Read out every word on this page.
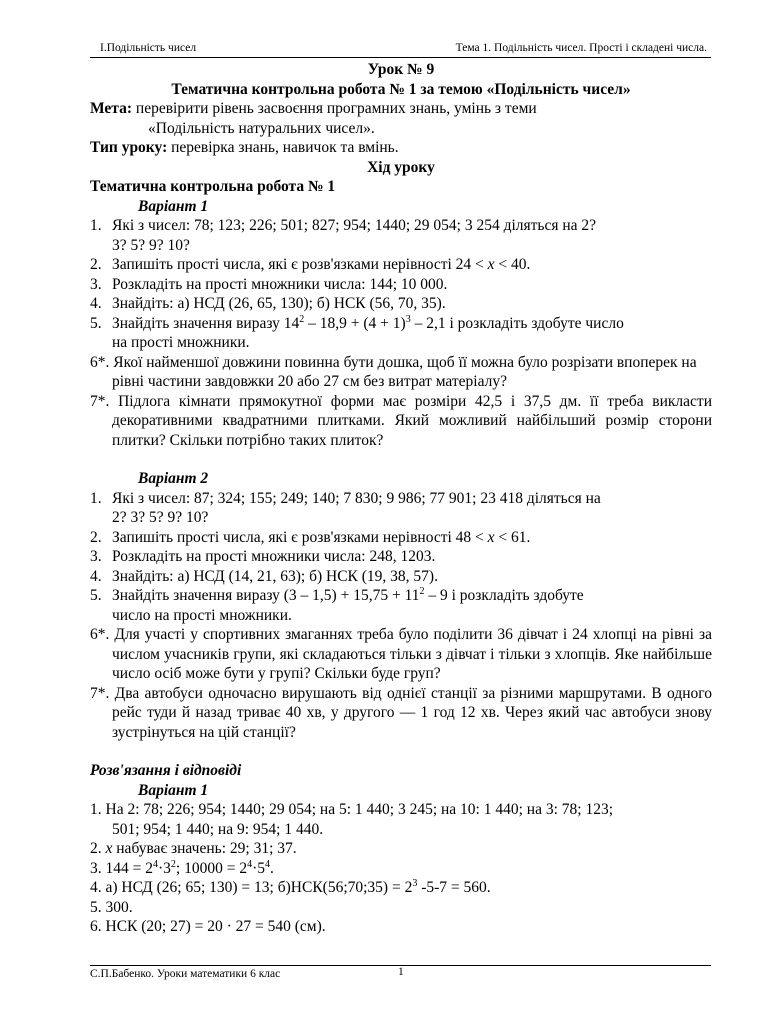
І.Подільність чисел	Тема 1. Подільність чисел. Прості і складені числа.

Урок № 9

Тематична контрольна робота № 1 за темою «Подільність чисел»

Мета: перевірити рівень засвоєння програмних знань, умінь з теми

«Подільність натуральних чисел».

Тип уроку: перевірка знань, навичок та вмінь.

Хід уроку

Тематична контрольна робота № 1

Варіант 1

1. Які з чисел: 78; 123; 226; 501; 827; 954; 1440; 29 054; 3 254 діляться на 2?
3? 5? 9? 10?
2. Запишіть прості числа, які є розв'язками нерівності 24 < x < 40.
3. Розкладіть на прості множники числа: 144; 10 000.
4. Знайдіть: а) НСД (26, 65, 130); б) НСК (56, 70, 35).
5. Знайдіть значення виразу $14^2 - 18,9 + (4 + 1)^3 - 2,1$ і розкладіть здобуте число
на прості множники.

6*. Якої найменшої довжини повинна бути дошка, щоб її можна було розрізати впоперек на рівні частини завдовжки 20 або 27 см без витрат матеріалу?

7*. Підлога кімнати прямокутної форми має розміри 42,5 і 37,5 дм. її треба викласти декоративними квадратними плитками. Який можливий найбільший розмір сторони плитки? Скільки потрібно таких плиток?

Варіант 2

1. Які з чисел: 87; 324; 155; 249; 140; 7 830; 9 986; 77 901; 23 418 діляться на
2? 3? 5? 9? 10?
2. Запишіть прості числа, які є розв'язками нерівності 48 < x < 61.
3. Розкладіть на прості множники числа: 248, 1203.
4. Знайдіть: а) НСД (14, 21, 63); б) НСК (19, 38, 57).
5. Знайдіть значення виразу $(3 - 1,5) + 15,75 + 11^2 - 9$ і розкладіть здобуте
число на прості множники.

6*. Для участі у спортивних змаганнях треба було поділити 36 дівчат і 24 хлопці на рівні за числом учасників групи, які складаються тільки з дівчат і тільки з хлопців. Яке найбільше число осіб може бути у групі? Скільки буде груп?

7*. Два автобуси одночасно вирушають від однієї станції за різними маршрутами. В одного рейс туди й назад триває 40 хв, у другого — 1 год 12 хв. Через який час автобуси знову зустрінуться на цій станції?

Розв'язання і відповіді

Варіант 1

1. На 2: 78; 226; 954; 1440; 29 054; на 5: 1 440; 3 245; на 10: 1 440; на 3: 78; 123;

501; 954; 1 440; на 9: 954; 1 440.

2. x набуває значень: 29; 31; 37.

3. $144 = 2^4\cdot 3^2$; $10000 = 2^4\cdot 5^4$.

4. а) НСД (26; 65; 130) = 13; б)НСК(56;70;35) = $2^3$ -5-7 = 560.

5. 300.

6. НСК (20; 27) = 20 · 27 = 540 (см).

С.П.Бабенко. Уроки математики 6 клас	1
